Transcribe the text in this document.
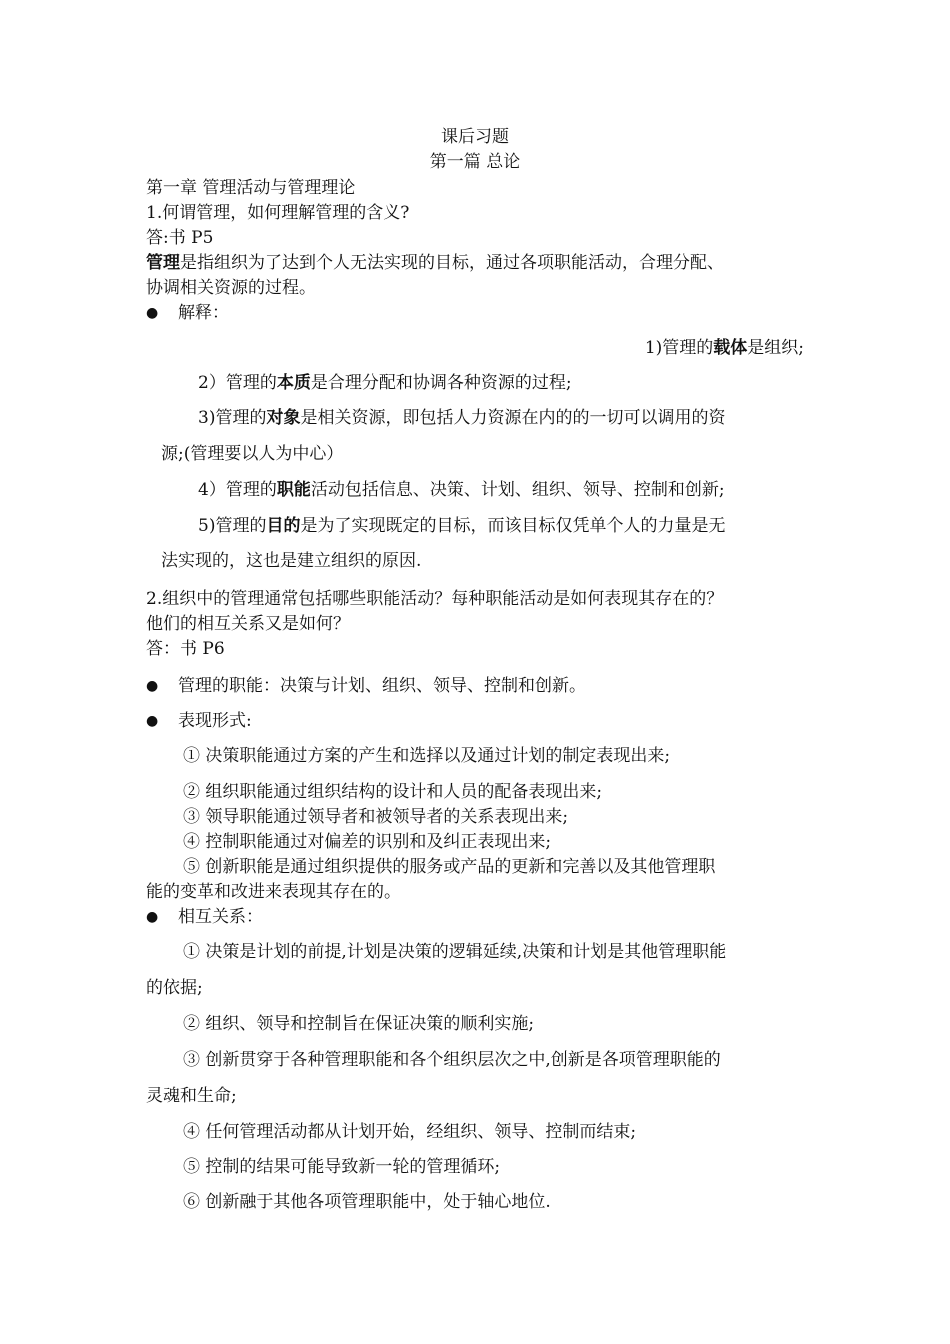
课后习题
第一篇 总论
第一章 管理活动与管理理论
1.何谓管理，如何理解管理的含义?
答:书 P5
管理是指组织为了达到个人无法实现的目标，通过各项职能活动，合理分配、
协调相关资源的过程。
● 解释：
1)管理的载体是组织;
2）管理的本质是合理分配和协调各种资源的过程;
3)管理的对象是相关资源，即包括人力资源在内的的一切可以调用的资
源;(管理要以人为中心）
4）管理的职能活动包括信息、决策、计划、组织、领导、控制和创新;
5)管理的目的是为了实现既定的目标，而该目标仅凭单个人的力量是无
法实现的，这也是建立组织的原因.
2.组织中的管理通常包括哪些职能活动？每种职能活动是如何表现其存在的？
他们的相互关系又是如何？
答：书 P6
● 管理的职能：决策与计划、组织、领导、控制和创新。
● 表现形式:
① 决策职能通过方案的产生和选择以及通过计划的制定表现出来;
② 组织职能通过组织结构的设计和人员的配备表现出来;
③ 领导职能通过领导者和被领导者的关系表现出来;
④ 控制职能通过对偏差的识别和及纠正表现出来;
⑤ 创新职能是通过组织提供的服务或产品的更新和完善以及其他管理职
能的变革和改进来表现其存在的。
● 相互关系：
① 决策是计划的前提,计划是决策的逻辑延续,决策和计划是其他管理职能
的依据;
② 组织、领导和控制旨在保证决策的顺利实施;
③ 创新贯穿于各种管理职能和各个组织层次之中,创新是各项管理职能的
灵魂和生命;
④ 任何管理活动都从计划开始，经组织、领导、控制而结束;
⑤ 控制的结果可能导致新一轮的管理循环;
⑥ 创新融于其他各项管理职能中，处于轴心地位.
